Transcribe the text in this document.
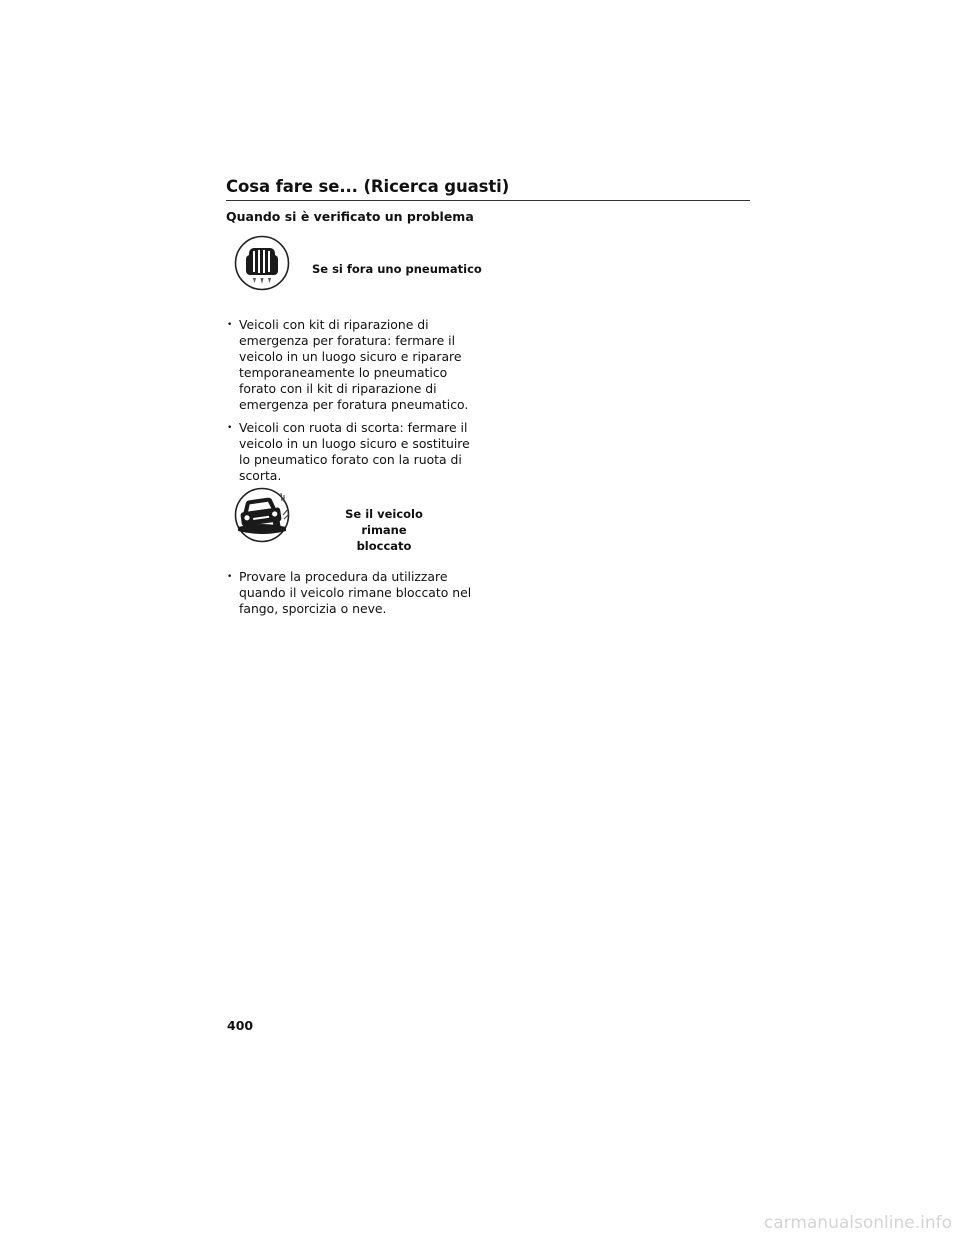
Cosa fare se... (Ricerca guasti)
Quando si è verificato un problema
Se si fora uno pneumatico
• Veicoli con kit di riparazione di emergenza per foratura: fermare il veicolo in un luogo sicuro e riparare temporaneamente lo pneumatico forato con il kit di riparazione di emergenza per foratura pneumatico.
• Veicoli con ruota di scorta: fermare il veicolo in un luogo sicuro e sostituire lo pneumatico forato con la ruota di scorta.
Se il veicolo rimane
bloccato
• Provare la procedura da utilizzare quando il veicolo rimane bloccato nel fango, sporcizia o neve.
400
carmanualsonline.info
